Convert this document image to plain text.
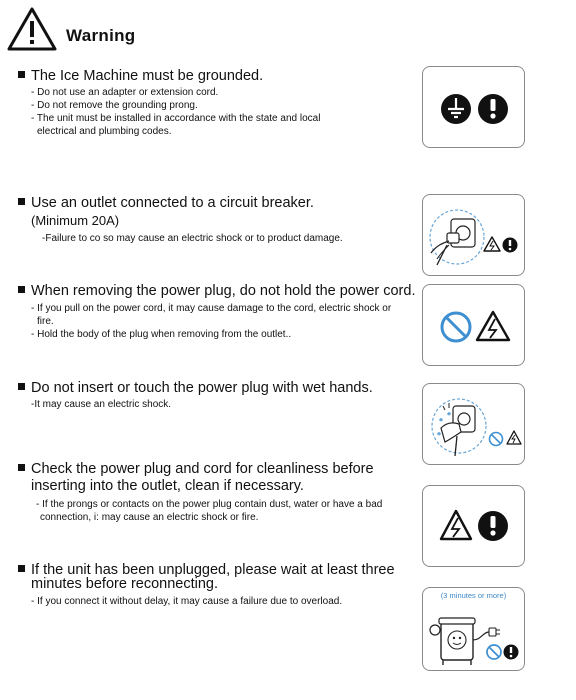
Warning
The Ice Machine must be grounded.
- Do not use an adapter or extension cord.
- Do not remove the grounding prong.
- The unit must be installed in accordance with the state and local
electrical and plumbing codes.
Use an outlet connected to a circuit breaker.
(Minimum 20A)
-Failure to co so may cause an electric shock or to product damage.
When removing the power plug, do not hold the power cord.
- If you pull on the power cord, it may cause damage to the cord, electric shock or
fire.
- Hold the body of the plug when removing from the outlet..
Do not insert or touch the power plug with wet hands.
-It may cause an electric shock.
Check the power plug and cord for cleanliness before
inserting into the outlet, clean if necessary.
- If the prongs or contacts on the power plug contain dust, water or have a bad
connection, i: may cause an electric shock or fire.
If the unit has been unplugged, please wait at least three
minutes before reconnecting.
- If you connect it without delay, it may cause a failure due to overload.
(3 minutes or more)
